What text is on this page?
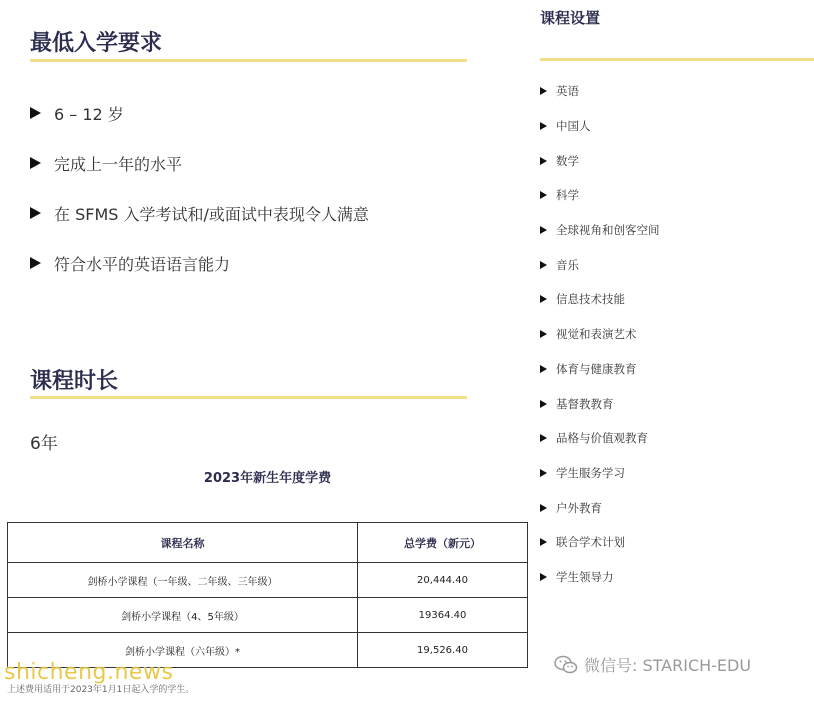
最低入学要求
6 – 12 岁
完成上一年的水平
在 SFMS 入学考试和/或面试中表现令人满意
符合水平的英语语言能力
课程时长
6年
2023年新生年度学费
课程名称	总学费（新元）
剑桥小学课程（一年级、二年级、三年级）	20,444.40
剑桥小学课程（4、5年级）	19364.40
剑桥小学课程（六年级）*	19,526.40
上述费用适用于2023年1月1日起入学的学生。
shicheng.news
课程设置
英语
中国人
数学
科学
全球视角和创客空间
音乐
信息技术技能
视觉和表演艺术
体育与健康教育
基督教教育
品格与价值观教育
学生服务学习
户外教育
联合学术计划
学生领导力
微信号: STARICH-EDU
